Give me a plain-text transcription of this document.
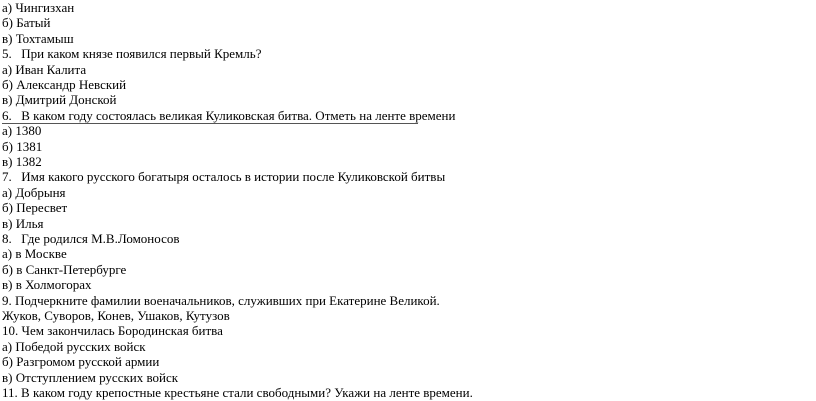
а) Чингизхан
б) Батый
в) Тохтамыш
5. При каком князе появился первый Кремль?
а) Иван Калита
б) Александр Невский
в) Дмитрий Донской
6. В каком году состоялась великая Куликовская битва. Отметь на ленте времени
а) 1380
б) 1381
в) 1382
7. Имя какого русского богатыря осталось в истории после Куликовской битвы
а) Добрыня
б) Пересвет
в) Илья
8. Где родился М.В.Ломоносов
а) в Москве
б) в Санкт-Петербурге
в) в Холмогорах
9. Подчеркните фамилии военачальников, служивших при Екатерине Великой.
Жуков, Суворов, Конев, Ушаков, Кутузов
10. Чем закончилась Бородинская битва
а) Победой русских войск
б) Разгромом русской армии
в) Отступлением русских войск
11. В каком году крепостные крестьяне стали свободными? Укажи на ленте времени.
